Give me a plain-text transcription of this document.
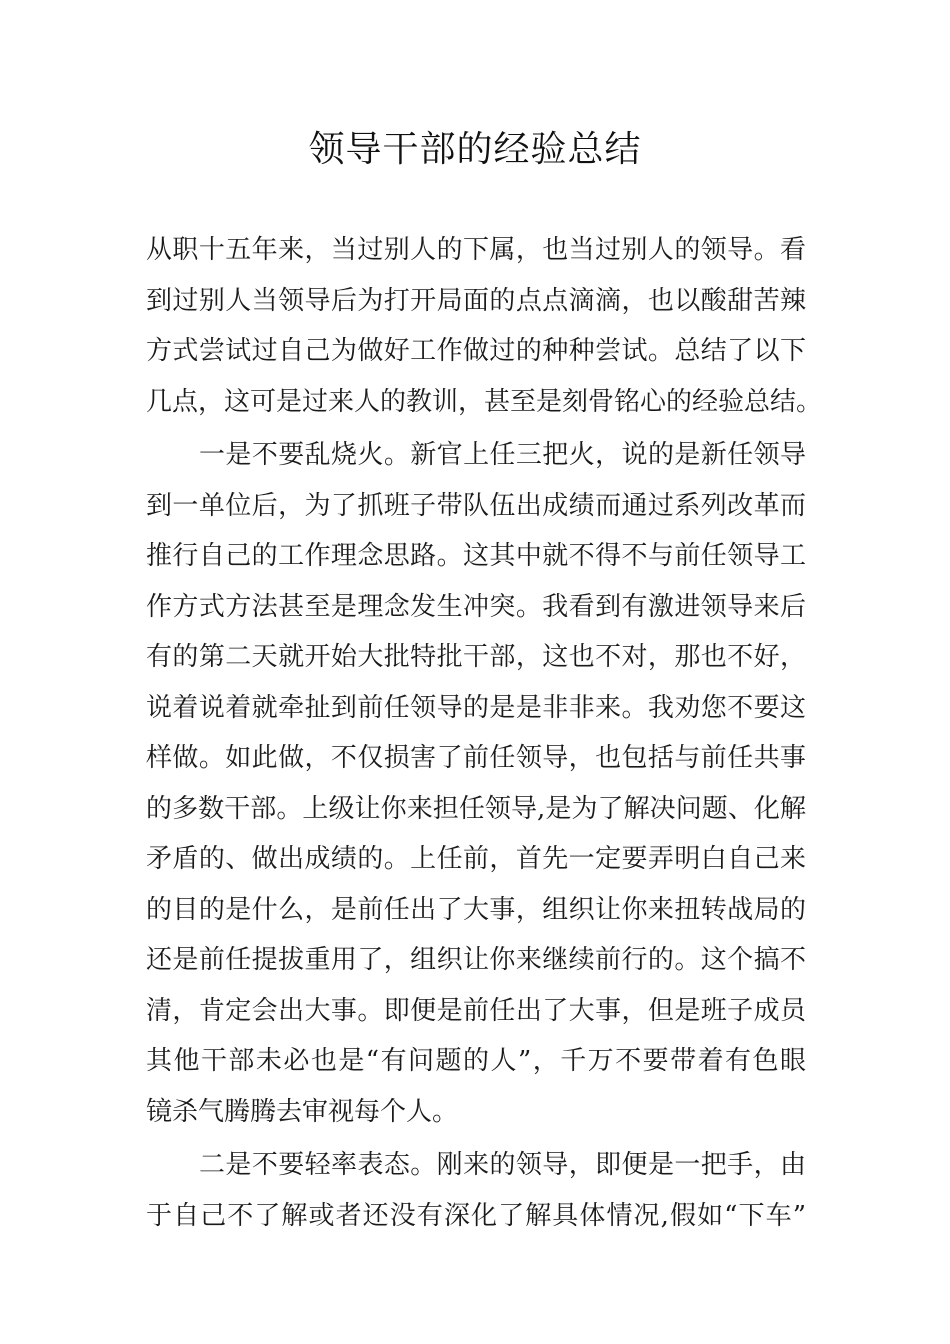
领导干部的经验总结
从职十五年来，当过别人的下属，也当过别人的领导。看
到过别人当领导后为打开局面的点点滴滴，也以酸甜苦辣
方式尝试过自己为做好工作做过的种种尝试。总结了以下
几点，这可是过来人的教训，甚至是刻骨铭心的经验总结。
一是不要乱烧火。新官上任三把火，说的是新任领导
到一单位后，为了抓班子带队伍出成绩而通过系列改革而
推行自己的工作理念思路。这其中就不得不与前任领导工
作方式方法甚至是理念发生冲突。我看到有激进领导来后
有的第二天就开始大批特批干部，这也不对，那也不好，
说着说着就牵扯到前任领导的是是非非来。我劝您不要这
样做。如此做，不仅损害了前任领导，也包括与前任共事
的多数干部。上级让你来担任领导,是为了解决问题、化解
矛盾的、做出成绩的。上任前，首先一定要弄明白自己来
的目的是什么，是前任出了大事，组织让你来扭转战局的
还是前任提拔重用了，组织让你来继续前行的。这个搞不
清，肯定会出大事。即便是前任出了大事，但是班子成员
其他干部未必也是“有问题的人”，千万不要带着有色眼
镜杀气腾腾去审视每个人。
二是不要轻率表态。刚来的领导，即便是一把手，由
于自己不了解或者还没有深化了解具体情况,假如“下车”
